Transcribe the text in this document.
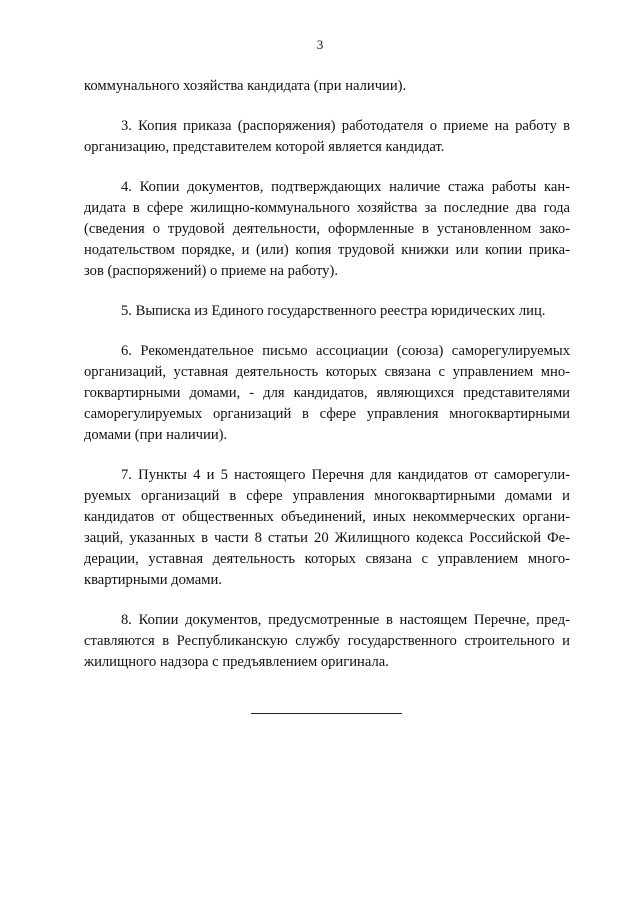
3
коммунального хозяйства кандидата (при наличии).
3. Копия приказа (распоряжения) работодателя о приеме на работу в
организацию, представителем которой является кандидат.
4. Копии документов, подтверждающих наличие стажа работы кан-
дидата в сфере жилищно-коммунального хозяйства за последние два года
(сведения о трудовой деятельности, оформленные в установленном зако-
нодательством порядке, и (или) копия трудовой книжки или копии прика-
зов (распоряжений) о приеме на работу).
5. Выписка из Единого государственного реестра юридических лиц.
6. Рекомендательное письмо ассоциации (союза) саморегулируемых
организаций, уставная деятельность которых связана с управлением мно-
гоквартирными домами, - для кандидатов, являющихся представителями
саморегулируемых организаций в сфере управления многоквартирными
домами (при наличии).
7. Пункты 4 и 5 настоящего Перечня для кандидатов от саморегули-
руемых организаций в сфере управления многоквартирными домами и
кандидатов от общественных объединений, иных некоммерческих органи-
заций, указанных в части 8 статьи 20 Жилищного кодекса Российской Фе-
дерации, уставная деятельность которых связана с управлением много-
квартирными домами.
8. Копии документов, предусмотренные в настоящем Перечне, пред-
ставляются в Республиканскую службу государственного строительного и
жилищного надзора с предъявлением оригинала.
